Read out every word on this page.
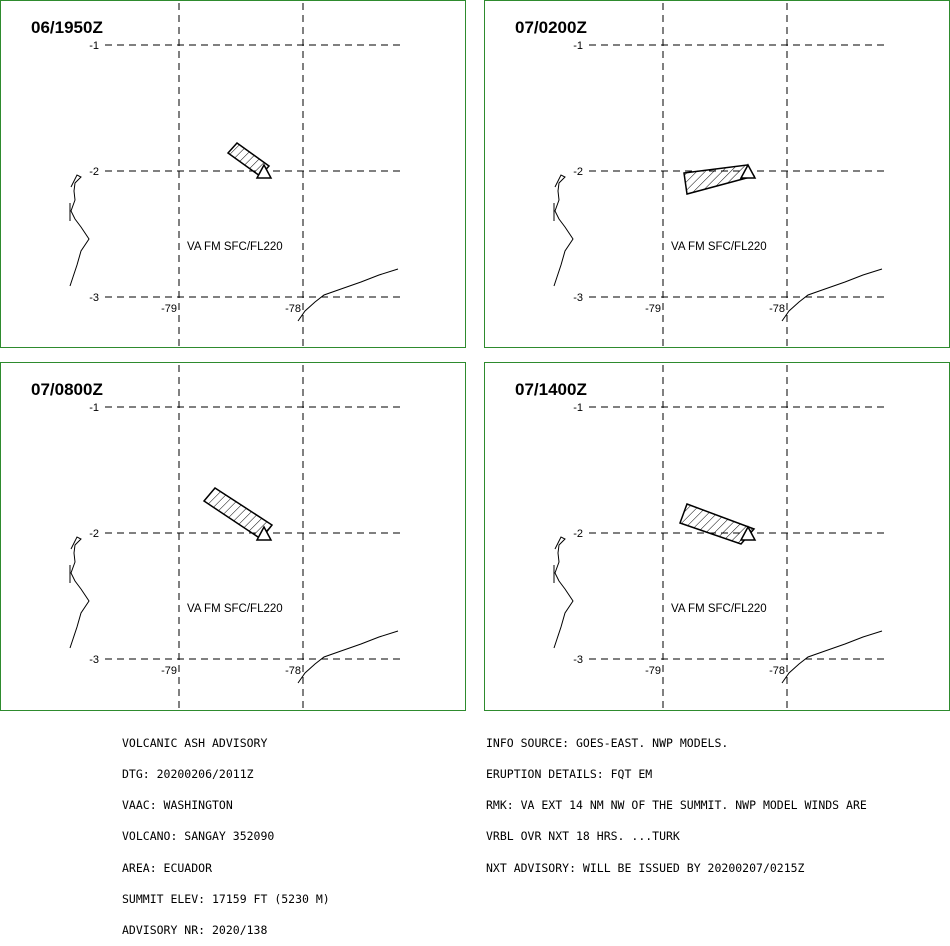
-1
-2
-3
-79	-78
VA FM SFC/FL220
06/1950Z
-1
-2
-3
-79	-78
VA FM SFC/FL220
07/0200Z
-1
-2
-3
-79	-78
VA FM SFC/FL220
07/0800Z
-1
-2
-3
-79	-78
VA FM SFC/FL220
07/1400Z

VOLCANIC ASH ADVISORY

DTG: 20200206/2011Z

VAAC: WASHINGTON

VOLCANO: SANGAY 352090

AREA: ECUADOR

SUMMIT ELEV: 17159 FT (5230 M)

ADVISORY NR: 2020/138

INFO SOURCE: GOES-EAST. NWP MODELS.

ERUPTION DETAILS: FQT EM

RMK: VA EXT 14 NM NW OF THE SUMMIT. NWP MODEL WINDS ARE

VRBL OVR NXT 18 HRS. ...TURK

NXT ADVISORY: WILL BE ISSUED BY 20200207/0215Z
